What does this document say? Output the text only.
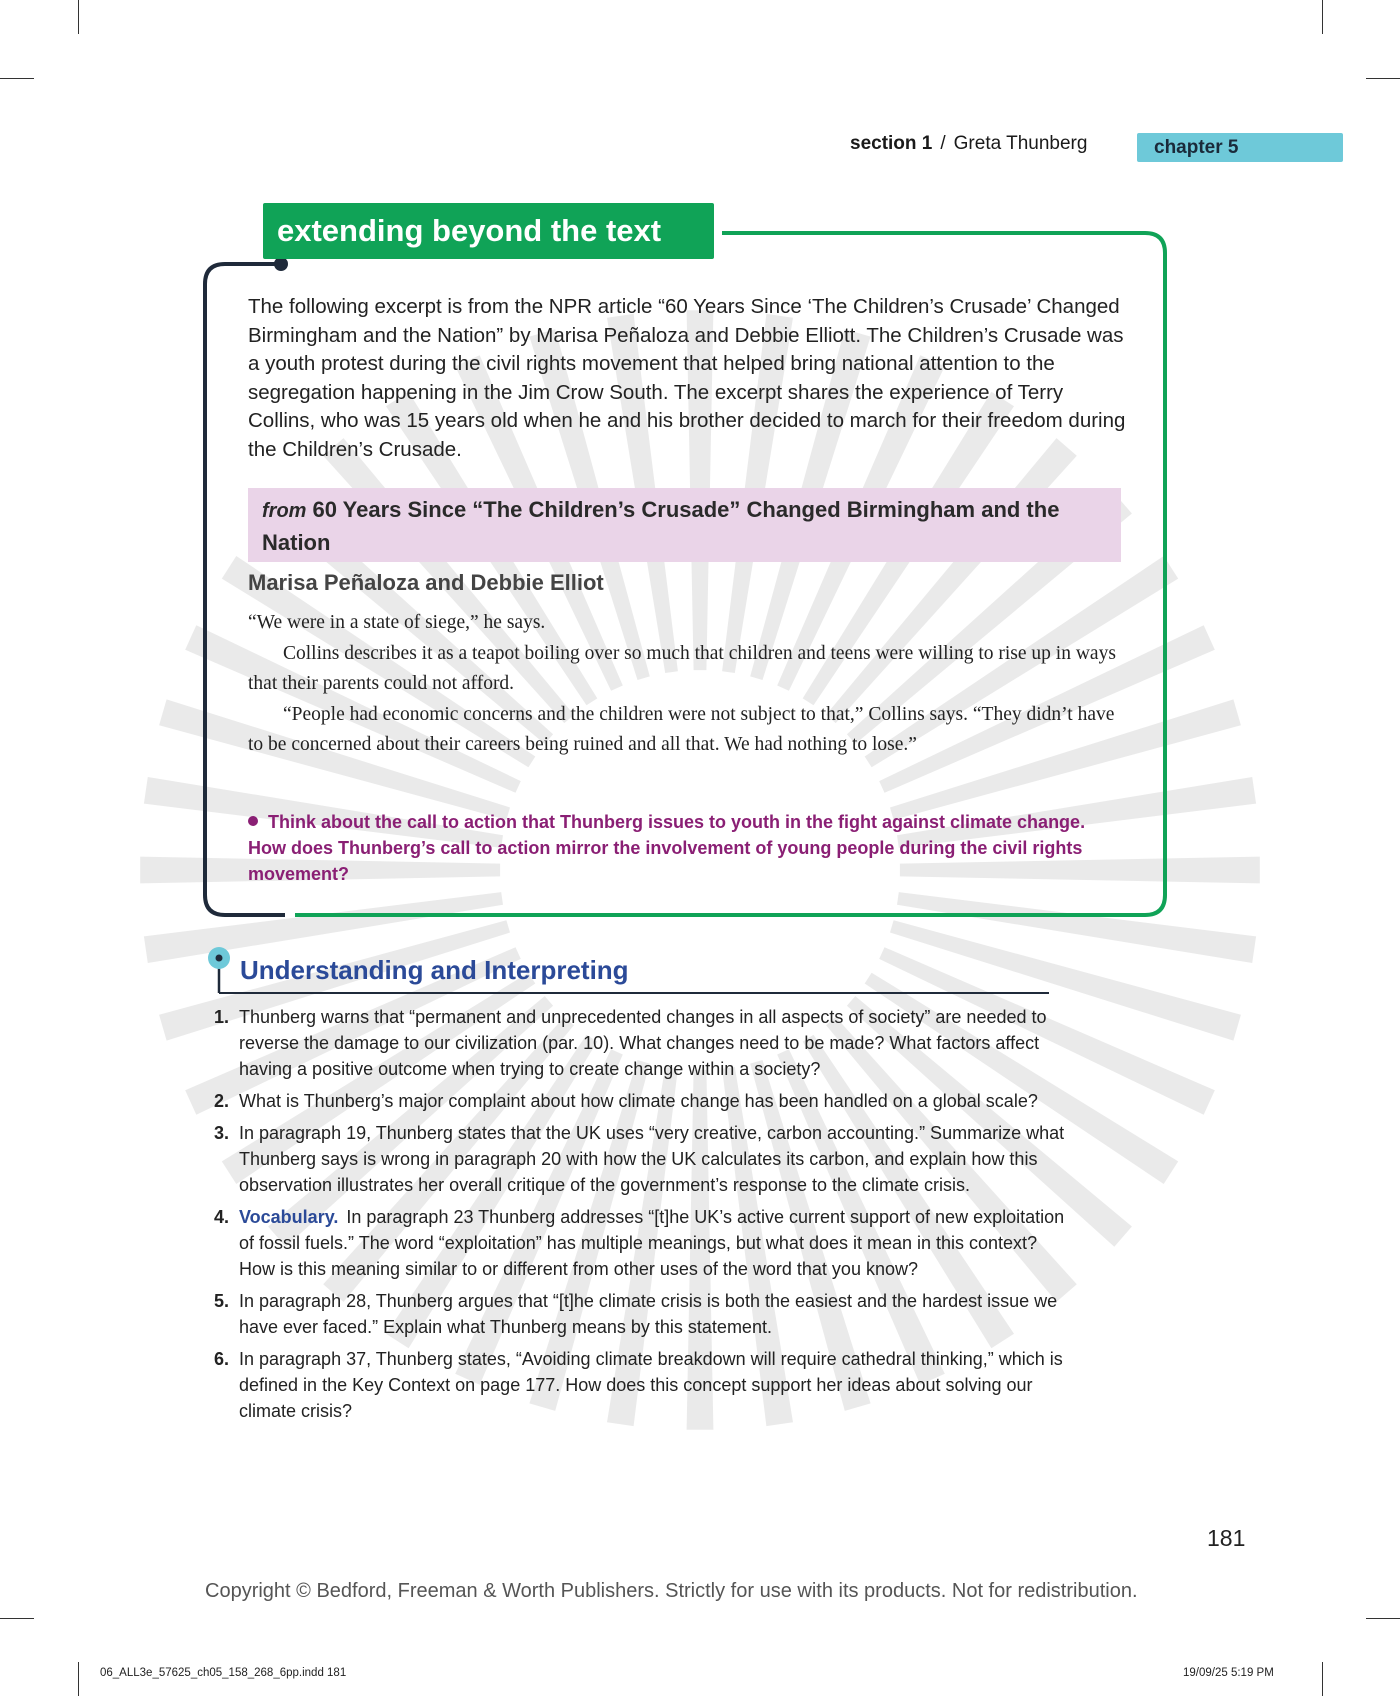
section 1 / Greta Thunberg	chapter 5
extending beyond the text
The following excerpt is from the NPR article “60 Years Since ‘The Children’s Crusade’ Changed Birmingham and the Nation” by Marisa Peñaloza and Debbie Elliott. The Children’s Crusade was a youth protest during the civil rights movement that helped bring national attention to the segregation happening in the Jim Crow South. The excerpt shares the experience of Terry Collins, who was 15 years old when he and his brother decided to march for their freedom during the Children’s Crusade.
from 60 Years Since “The Children’s Crusade” Changed Birmingham and the Nation
Marisa Peñaloza and Debbie Elliot

“We were in a state of siege,” he says.

Collins describes it as a teapot boiling over so much that children and teens were willing to rise up in ways that their parents could not afford.

“People had economic concerns and the children were not subject to that,” Collins says. “They didn’t have to be concerned about their careers being ruined and all that. We had nothing to lose.”

Think about the call to action that Thunberg issues to youth in the fight against climate change. How does Thunberg’s call to action mirror the involvement of young people during the civil rights movement?
Understanding and Interpreting
1. Thunberg warns that “permanent and unprecedented changes in all aspects of society” are needed to reverse the damage to our civilization (par. 10). What changes need to be made? What factors affect having a positive outcome when trying to create change within a society?
2. What is Thunberg’s major complaint about how climate change has been handled on a global scale?
3. In paragraph 19, Thunberg states that the UK uses “very creative, carbon accounting.” Summarize what Thunberg says is wrong in paragraph 20 with how the UK calculates its carbon, and explain how this observation illustrates her overall critique of the government’s response to the climate crisis.
4. Vocabulary. In paragraph 23 Thunberg addresses “[t]he UK’s active current support of new exploitation of fossil fuels.” The word “exploitation” has multiple meanings, but what does it mean in this context? How is this meaning similar to or different from other uses of the word that you know?
5. In paragraph 28, Thunberg argues that “[t]he climate crisis is both the easiest and the hardest issue we have ever faced.” Explain what Thunberg means by this statement.
6. In paragraph 37, Thunberg states, “Avoiding climate breakdown will require cathedral thinking,” which is defined in the Key Context on page 177. How does this concept support her ideas about solving our climate crisis?
181
Copyright © Bedford, Freeman & Worth Publishers. Strictly for use with its products. Not for redistribution.
06_ALL3e_57625_ch05_158_268_6pp.indd 181	19/09/25 5:19 PM
